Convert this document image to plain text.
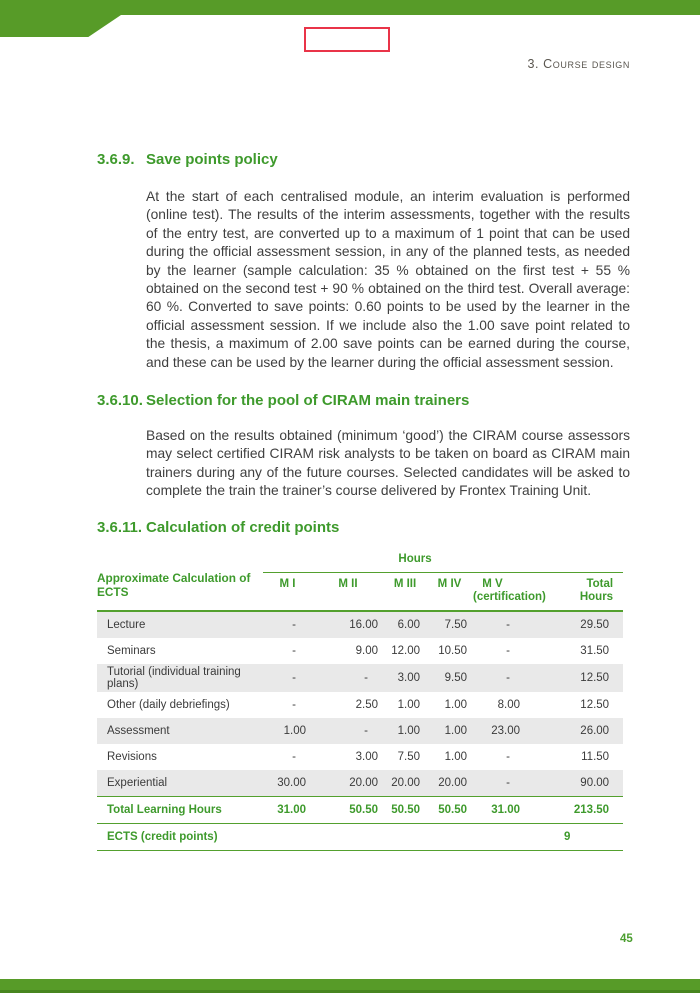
3. Course design
3.6.9. Save points policy

At the start of each centralised module, an interim evaluation is performed (online test). The results of the interim assessments, together with the results of the entry test, are converted up to a maximum of 1 point that can be used during the official assessment session, in any of the planned tests, as needed by the learner (sample calculation: 35 % obtained on the first test + 55 % obtained on the second test + 90 % obtained on the third test. Overall average: 60 %. Converted to save points: 0.60 points to be used by the learner in the official assessment session. If we include also the 1.00 save point related to the thesis, a maximum of 2.00 save points can be earned during the course, and these can be used by the learner during the official assessment session.

3.6.10. Selection for the pool of CIRAM main trainers

Based on the results obtained (minimum ‘good’) the CIRAM course assessors may select certified CIRAM risk analysts to be taken on board as CIRAM main trainers during any of the future courses. Selected candidates will be asked to complete the train the trainer’s course delivered by Frontex Training Unit.

3.6.11. Calculation of credit points
Approximate Calculation of ECTS	Hours					
	M I	M II	M III	M IV	M V
(certification)	Total
Hours
Lecture	-	16.00	6.00	7.50	-	29.50
Seminars	-	9.00	12.00	10.50	-	31.50
Tutorial (individual training plans)	-	-	3.00	9.50	-	12.50
Other (daily debriefings)	-	2.50	1.00	1.00	8.00	12.50
Assessment	1.00	-	1.00	1.00	23.00	26.00
Revisions	-	3.00	7.50	1.00	-	11.50
Experiential	30.00	20.00	20.00	20.00	-	90.00
Total Learning Hours	31.00	50.50	50.50	50.50	31.00	213.50
ECTS (credit points)						9
45
